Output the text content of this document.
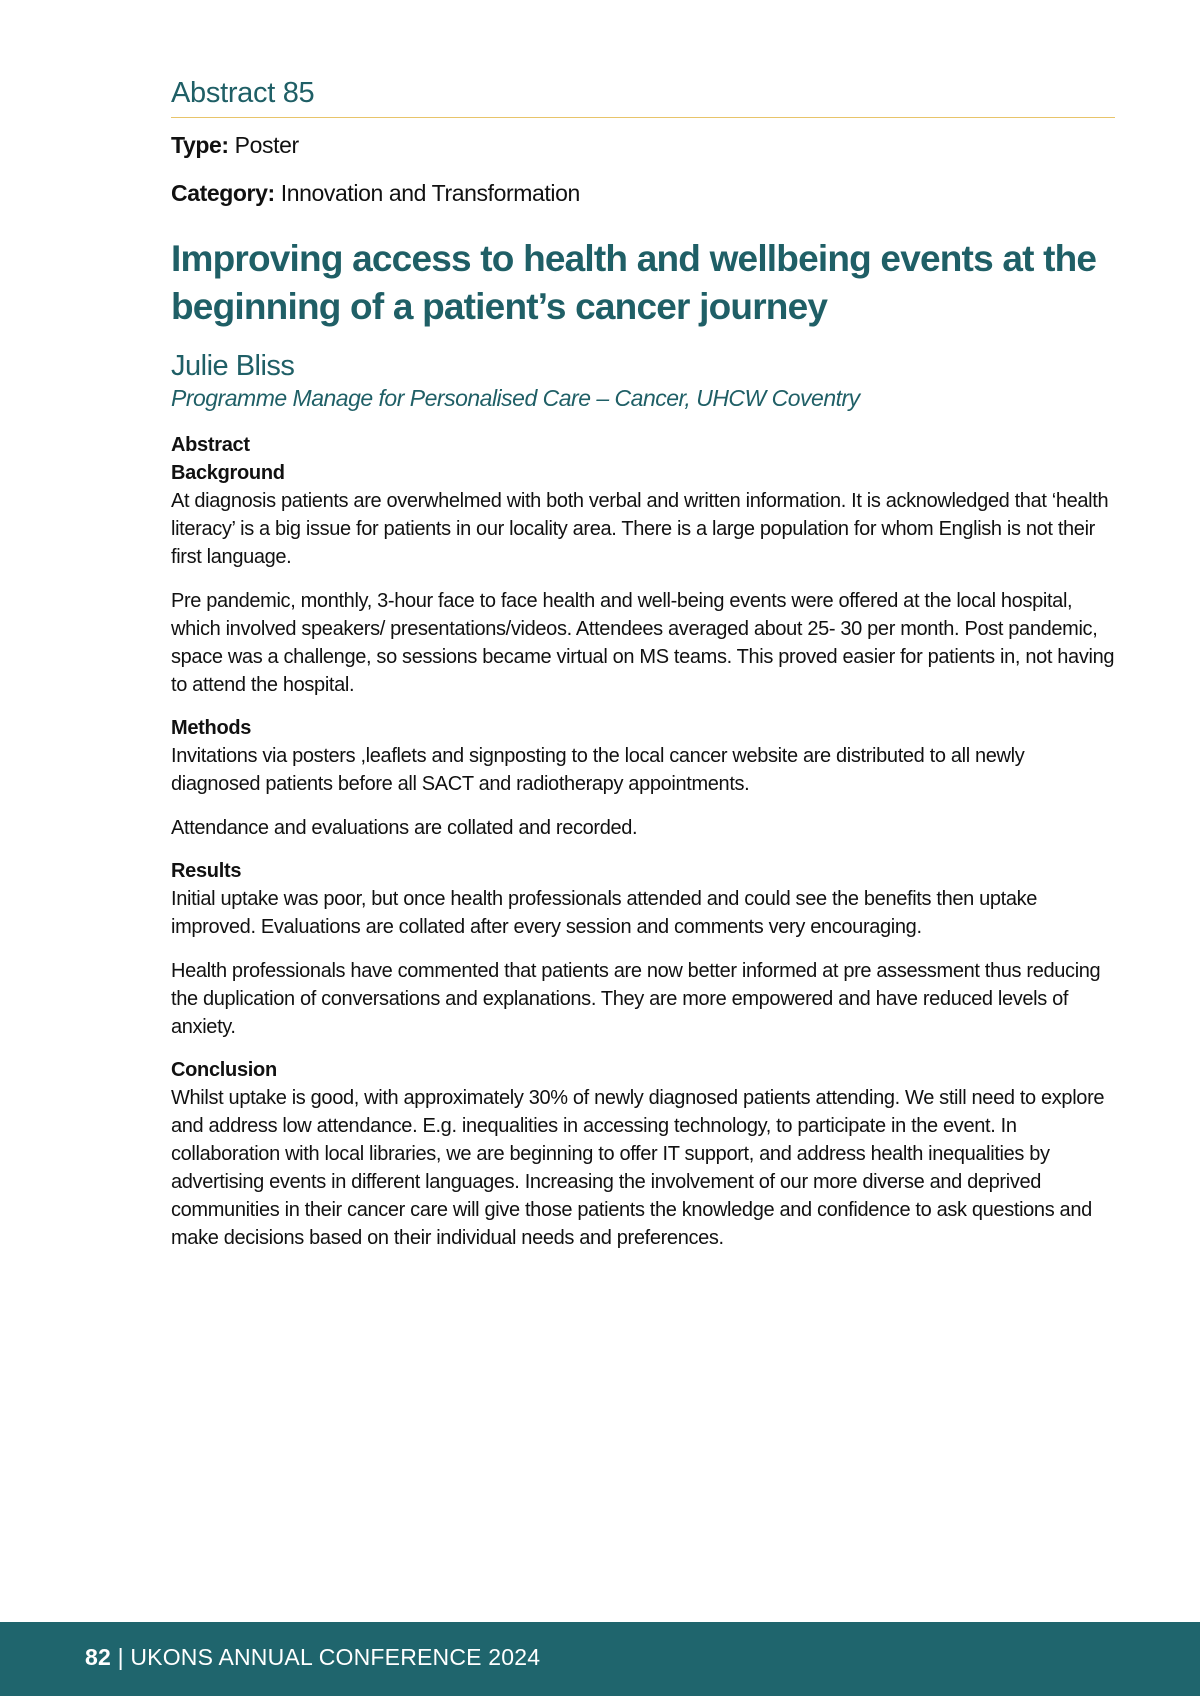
Abstract 85
Type: Poster
Category: Innovation and Transformation
Improving access to health and wellbeing events at the beginning of a patient’s cancer journey
Julie Bliss
Programme Manage for Personalised Care – Cancer, UHCW Coventry
Abstract
Background

At diagnosis patients are overwhelmed with both verbal and written information. It is acknowledged that ‘health literacy’ is a big issue for patients in our locality area. There is a large population for whom English is not their first language.

Pre pandemic, monthly, 3-hour face to face health and well-being events were offered at the local hospital, which involved speakers/ presentations/videos. Attendees averaged about 25- 30 per month. Post pandemic, space was a challenge, so sessions became virtual on MS teams. This proved easier for patients in, not having to attend the hospital.

Methods

Invitations via posters ,leaflets and signposting to the local cancer website are distributed to all newly diagnosed patients before all SACT and radiotherapy appointments.

Attendance and evaluations are collated and recorded.

Results

Initial uptake was poor, but once health professionals attended and could see the benefits then uptake improved. Evaluations are collated after every session and comments very encouraging.

Health professionals have commented that patients are now better informed at pre assessment thus reducing the duplication of conversations and explanations. They are more empowered and have reduced levels of anxiety.

Conclusion

Whilst uptake is good, with approximately 30% of newly diagnosed patients attending. We still need to explore and address low attendance. E.g. inequalities in accessing technology, to participate in the event. In collaboration with local libraries, we are beginning to offer IT support, and address health inequalities by advertising events in different languages. Increasing the involvement of our more diverse and deprived communities in their cancer care will give those patients the knowledge and confidence to ask questions and make decisions based on their individual needs and preferences.

82 | UKONS ANNUAL CONFERENCE 2024
